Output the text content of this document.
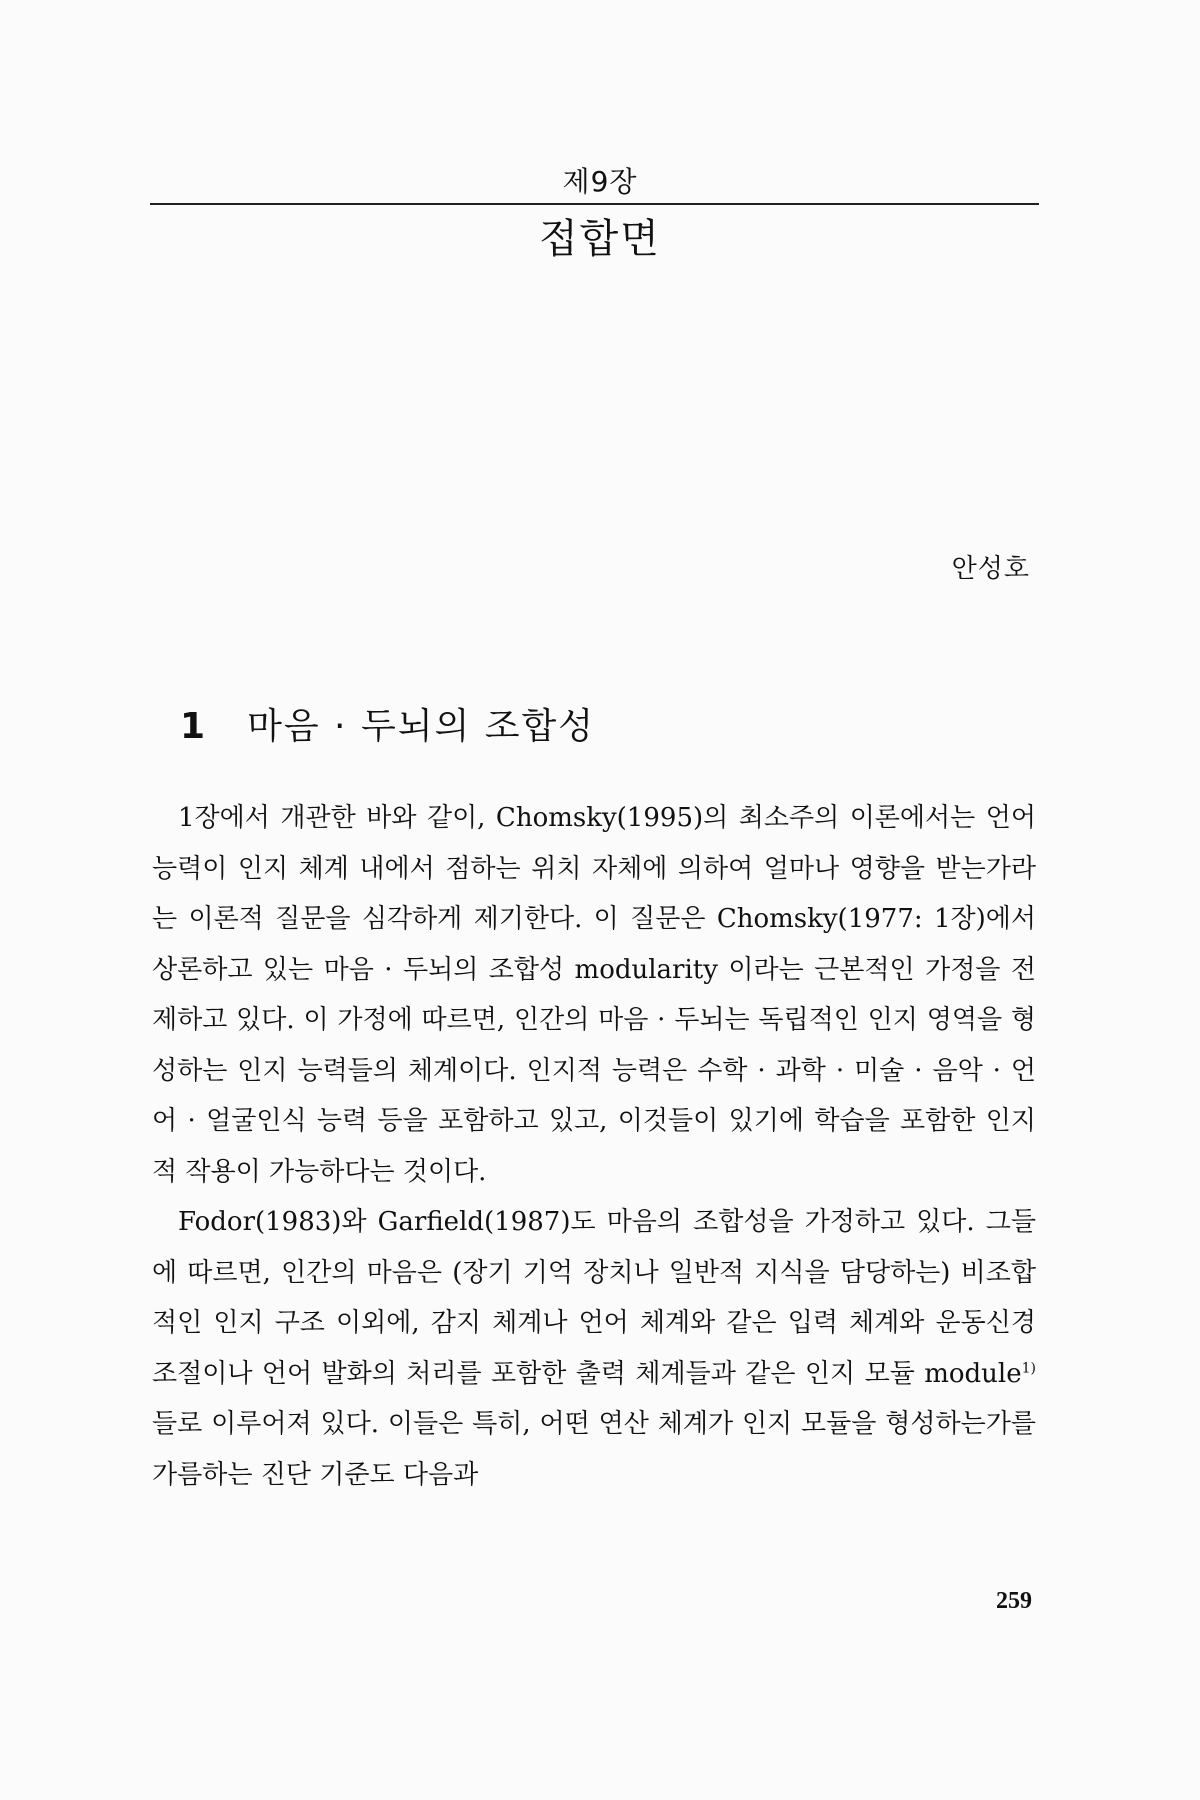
제9장
접합면
안성호
1 마음 · 두뇌의 조합성

1장에서 개관한 바와 같이, Chomsky(1995)의 최소주의 이론에서는 언어 능력이 인지 체계 내에서 점하는 위치 자체에 의하여 얼마나 영향을 받는가라는 이론적 질문을 심각하게 제기한다. 이 질문은 Chomsky(1977: 1장)에서 상론하고 있는 마음 · 두뇌의 조합성 modularity 이라는 근본적인 가정을 전제하고 있다. 이 가정에 따르면, 인간의 마음 · 두뇌는 독립적인 인지 영역을 형성하는 인지 능력들의 체계이다. 인지적 능력은 수학 · 과학 · 미술 · 음악 · 언어 · 얼굴인식 능력 등을 포함하고 있고, 이것들이 있기에 학습을 포함한 인지적 작용이 가능하다는 것이다.

Fodor(1983)와 Garfield(1987)도 마음의 조합성을 가정하고 있다. 그들에 따르면, 인간의 마음은 (장기 기억 장치나 일반적 지식을 담당하는) 비조합적인 인지 구조 이외에, 감지 체계나 언어 체계와 같은 입력 체계와 운동신경 조절이나 언어 발화의 처리를 포함한 출력 체계들과 같은 인지 모듈 module$^{1)}$들로 이루어져 있다. 이들은 특히, 어떤 연산 체계가 인지 모듈을 형성하는가를 가름하는 진단 기준도 다음과

259
